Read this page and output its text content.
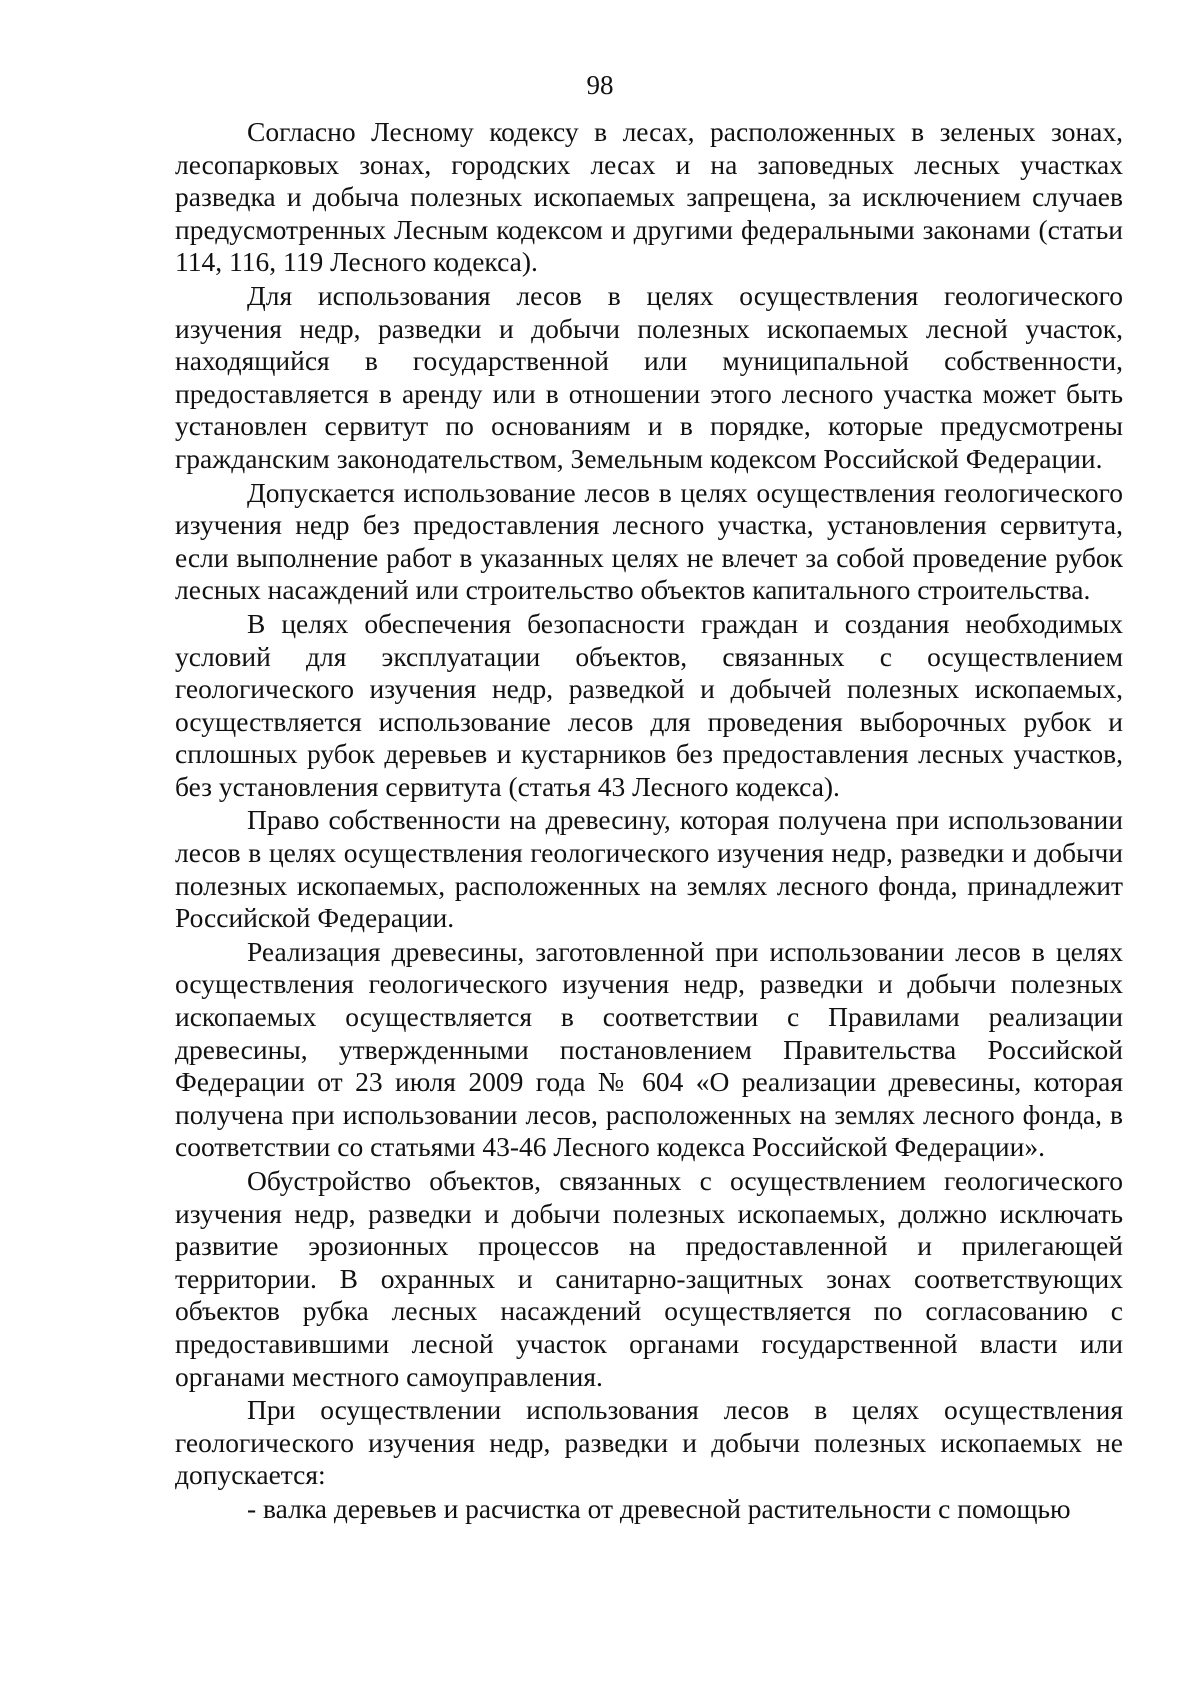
98

Согласно Лесному кодексу в лесах, расположенных в зеленых зонах, лесопарковых зонах, городских лесах и на заповедных лесных участках разведка и добыча полезных ископаемых запрещена, за исключением случаев предусмотренных Лесным кодексом и другими федеральными законами (статьи 114, 116, 119 Лесного кодекса).

Для использования лесов в целях осуществления геологического изучения недр, разведки и добычи полезных ископаемых лесной участок, находящийся в государственной или муниципальной собственности, предоставляется в аренду или в отношении этого лесного участка может быть установлен сервитут по основаниям и в порядке, которые предусмотрены гражданским законодательством, Земельным кодексом Российской Федерации.

Допускается использование лесов в целях осуществления геологического изучения недр без предоставления лесного участка, установления сервитута, если выполнение работ в указанных целях не влечет за собой проведение рубок лесных насаждений или строительство объектов капитального строительства.

В целях обеспечения безопасности граждан и создания необходимых условий для эксплуатации объектов, связанных с осуществлением геологического изучения недр, разведкой и добычей полезных ископаемых, осуществляется использование лесов для проведения выборочных рубок и сплошных рубок деревьев и кустарников без предоставления лесных участков, без установления сервитута (статья 43 Лесного кодекса).

Право собственности на древесину, которая получена при использовании лесов в целях осуществления геологического изучения недр, разведки и добычи полезных ископаемых, расположенных на землях лесного фонда, принадлежит Российской Федерации.

Реализация древесины, заготовленной при использовании лесов в целях осуществления геологического изучения недр, разведки и добычи полезных ископаемых осуществляется в соответствии с Правилами реализации древесины, утвержденными постановлением Правительства Российской Федерации от 23 июля 2009 года № 604 «О реализации древесины, которая получена при использовании лесов, расположенных на землях лесного фонда, в соответствии со статьями 43-46 Лесного кодекса Российской Федерации».

Обустройство объектов, связанных с осуществлением геологического изучения недр, разведки и добычи полезных ископаемых, должно исключать развитие эрозионных процессов на предоставленной и прилегающей территории. В охранных и санитарно-защитных зонах соответствующих объектов рубка лесных насаждений осуществляется по согласованию с предоставившими лесной участок органами государственной власти или органами местного самоуправления.

При осуществлении использования лесов в целях осуществления геологического изучения недр, разведки и добычи полезных ископаемых не допускается:

- валка деревьев и расчистка от древесной растительности с помощью
